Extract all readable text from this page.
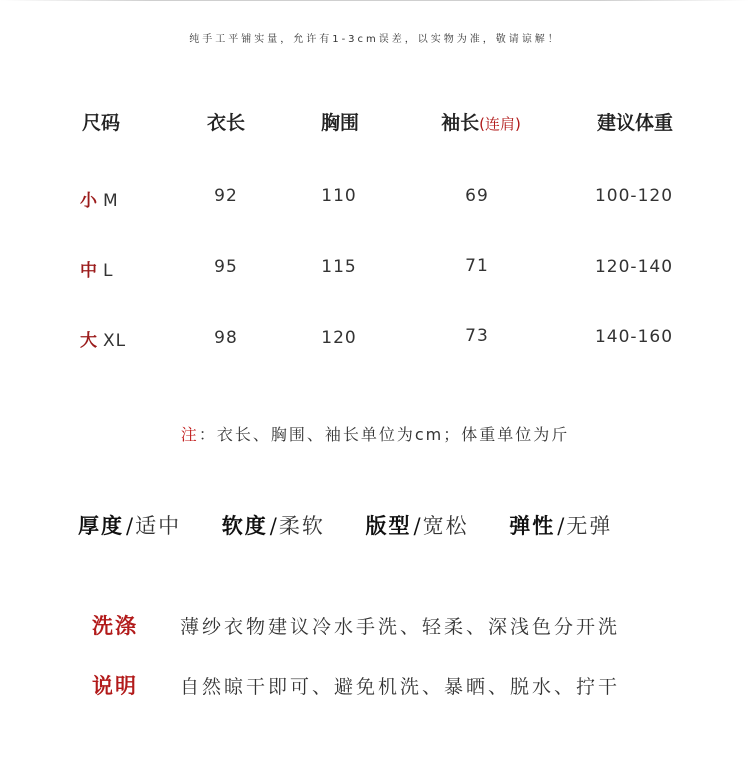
纯手工平铺实量，允许有1-3cm误差，以实物为准，敬请谅解！
尺码	衣长	胸围	袖长(连肩)	建议体重
小 M	92	110	69	100-120
中 L	95	115	71	120-140
大 XL	98	120	73	140-160
注：衣长、胸围、袖长单位为cm；体重单位为斤
厚度/适中 软度/柔软 版型/宽松 弹性/无弹
洗涤 薄纱衣物建议冷水手洗、轻柔、深浅色分开洗
说明 自然晾干即可、避免机洗、暴晒、脱水、拧干
